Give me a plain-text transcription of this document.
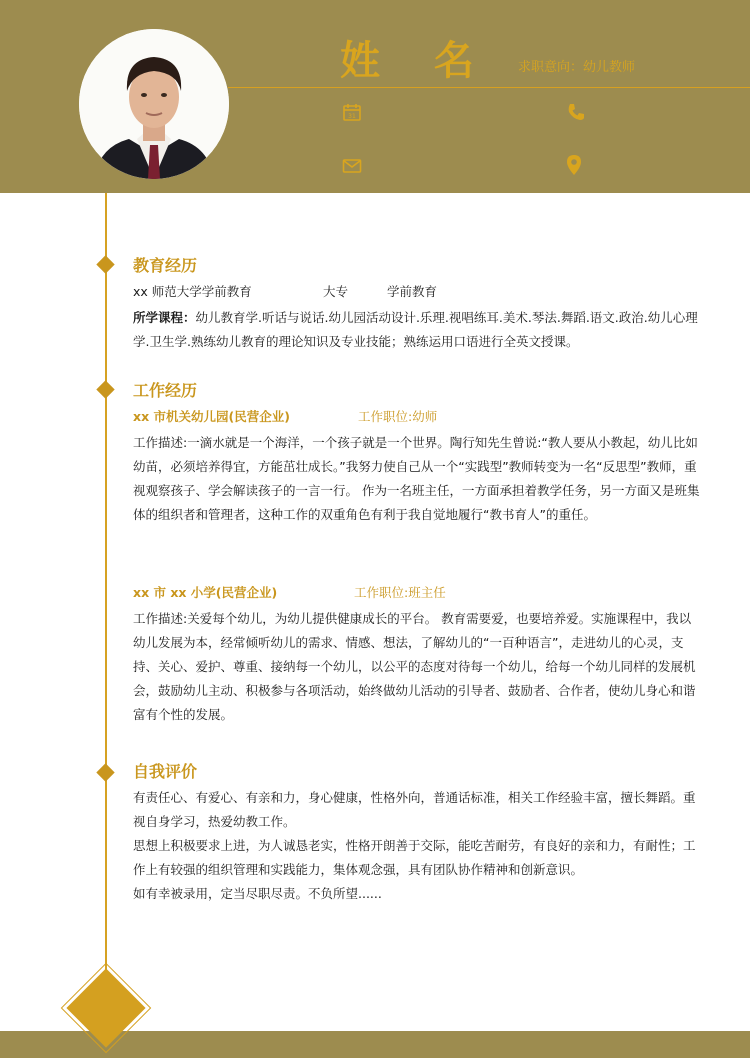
姓 名 求职意向：幼儿教师
31
教育经历
xx 师范大学学前教育	大专	学前教育
所学课程：幼儿教育学.听话与说话.幼儿园活动设计.乐理.视唱练耳.美术.琴法.舞蹈.语文.政治.幼儿心理学.卫生学.熟练幼儿教育的理论知识及专业技能；熟练运用口语进行全英文授课。
工作经历
xx 市机关幼儿园(民营企业)	工作职位:幼师
工作描述:一滴水就是一个海洋，一个孩子就是一个世界。陶行知先生曾说:“教人要从小教起，幼儿比如幼苗，必须培养得宜，方能茁壮成长。”我努力使自己从一个“实践型”教师转变为一名“反思型”教师，重视观察孩子、学会解读孩子的一言一行。 作为一名班主任，一方面承担着教学任务，另一方面又是班集体的组织者和管理者，这种工作的双重角色有利于我自觉地履行“教书育人”的重任。
xx 市 xx 小学(民营企业)	工作职位:班主任
工作描述:关爱每个幼儿，为幼儿提供健康成长的平台。 教育需要爱，也要培养爱。实施课程中，我以幼儿发展为本，经常倾听幼儿的需求、情感、想法，了解幼儿的“一百种语言”，走进幼儿的心灵，支持、关心、爱护、尊重、接纳每一个幼儿，以公平的态度对待每一个幼儿，给每一个幼儿同样的发展机会，鼓励幼儿主动、积极参与各项活动，始终做幼儿活动的引导者、鼓励者、合作者，使幼儿身心和谐富有个性的发展。
自我评价
有责任心、有爱心、有亲和力，身心健康，性格外向，普通话标准，相关工作经验丰富，擅长舞蹈。重视自身学习，热爱幼教工作。
思想上积极要求上进，为人诚恳老实，性格开朗善于交际，能吃苦耐劳，有良好的亲和力，有耐性；工作上有较强的组织管理和实践能力，集体观念强，具有团队协作精神和创新意识。
如有幸被录用，定当尽职尽责。不负所望......
